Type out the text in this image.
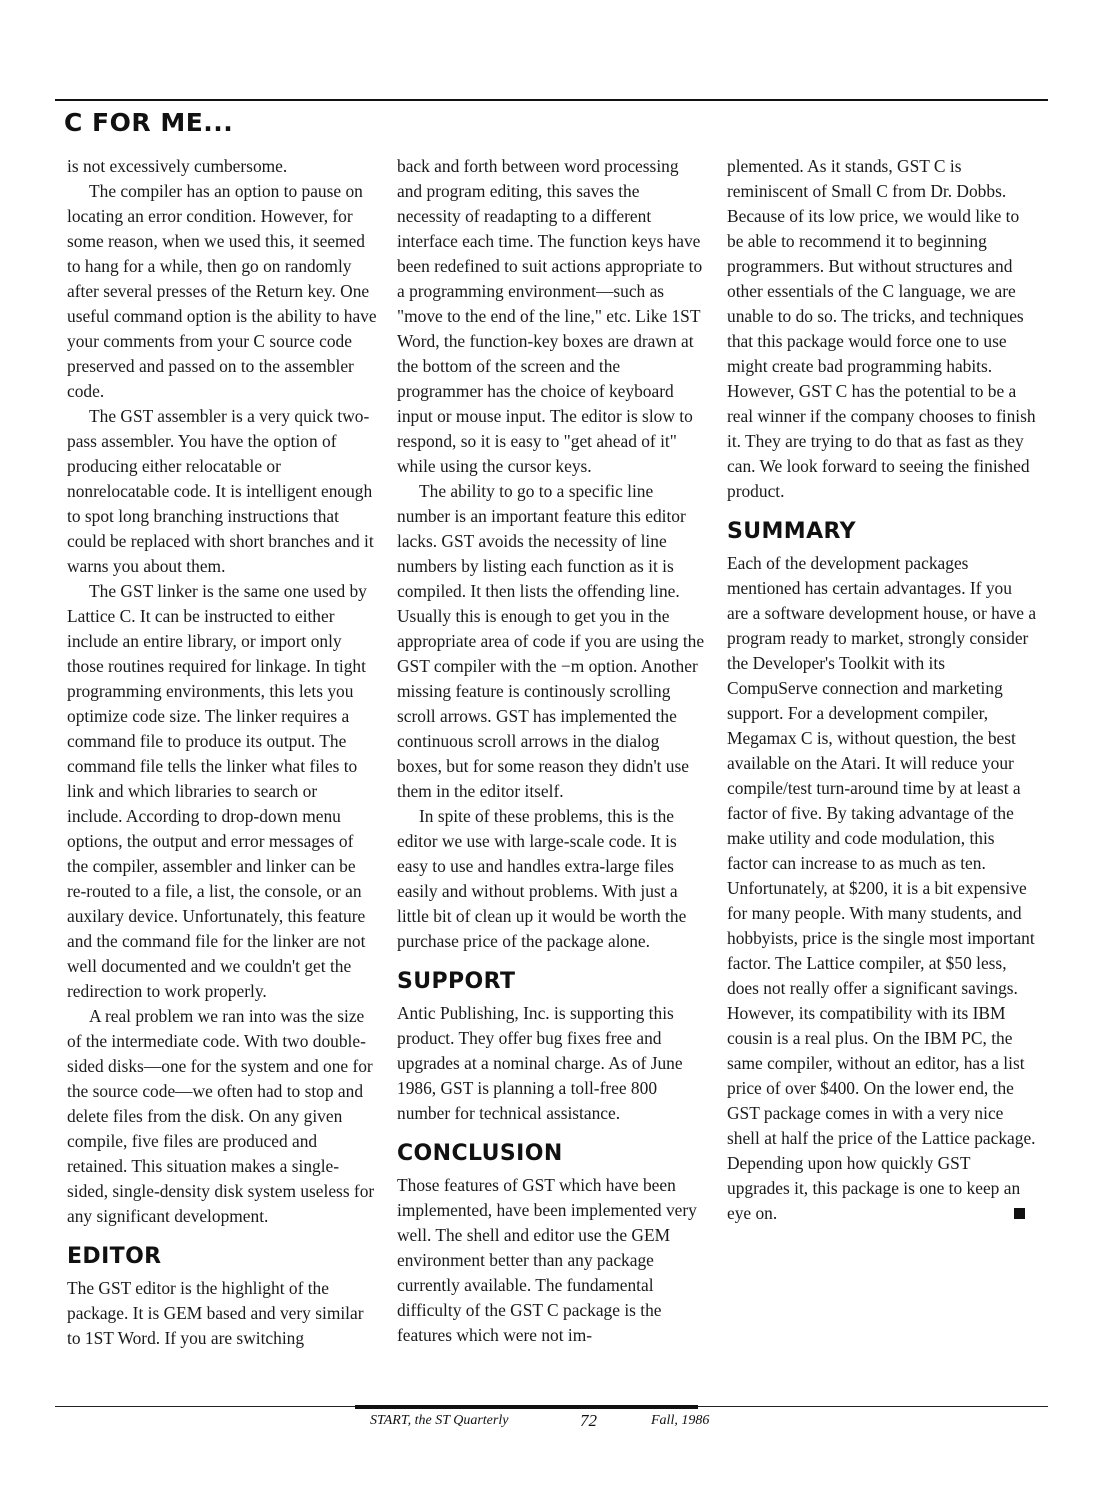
C FOR ME...

is not excessively cumbersome.

The compiler has an option to pause on locating an error condition. However, for some reason, when we used this, it seemed to hang for a while, then go on randomly after several presses of the Return key. One useful command option is the ability to have your comments from your C source code preserved and passed on to the assembler code.

The GST assembler is a very quick two-pass assembler. You have the option of producing either relocatable or nonrelocatable code. It is intelligent enough to spot long branching instructions that could be replaced with short branches and it warns you about them.

The GST linker is the same one used by Lattice C. It can be instructed to either include an entire library, or import only those routines required for linkage. In tight programming environments, this lets you optimize code size. The linker requires a command file to produce its output. The command file tells the linker what files to link and which libraries to search or include. According to drop-down menu options, the output and error messages of the compiler, assembler and linker can be re-routed to a file, a list, the console, or an auxilary device. Unfortunately, this feature and the command file for the linker are not well documented and we couldn't get the redirection to work properly.

A real problem we ran into was the size of the intermediate code. With two double-sided disks—one for the system and one for the source code—we often had to stop and delete files from the disk. On any given compile, five files are produced and retained. This situation makes a single-sided, single-density disk system useless for any significant development.

EDITOR

The GST editor is the highlight of the package. It is GEM based and very similar to 1ST Word. If you are switching

back and forth between word processing and program editing, this saves the necessity of readapting to a different interface each time. The function keys have been redefined to suit actions appropriate to a programming environment—such as "move to the end of the line," etc. Like 1ST Word, the function-key boxes are drawn at the bottom of the screen and the programmer has the choice of keyboard input or mouse input. The editor is slow to respond, so it is easy to "get ahead of it" while using the cursor keys.

The ability to go to a specific line number is an important feature this editor lacks. GST avoids the necessity of line numbers by listing each function as it is compiled. It then lists the offending line. Usually this is enough to get you in the appropriate area of code if you are using the GST compiler with the −m option. Another missing feature is continously scrolling scroll arrows. GST has implemented the continuous scroll arrows in the dialog boxes, but for some reason they didn't use them in the editor itself.

In spite of these problems, this is the editor we use with large-scale code. It is easy to use and handles extra-large files easily and without problems. With just a little bit of clean up it would be worth the purchase price of the package alone.

SUPPORT

Antic Publishing, Inc. is supporting this product. They offer bug fixes free and upgrades at a nominal charge. As of June 1986, GST is planning a toll-free 800 number for technical assistance.

CONCLUSION

Those features of GST which have been implemented, have been implemented very well. The shell and editor use the GEM environment better than any package currently available. The fundamental difficulty of the GST C package is the features which were not im-

plemented. As it stands, GST C is reminiscent of Small C from Dr. Dobbs. Because of its low price, we would like to be able to recommend it to beginning programmers. But without structures and other essentials of the C language, we are unable to do so. The tricks, and techniques that this package would force one to use might create bad programming habits. However, GST C has the potential to be a real winner if the company chooses to finish it. They are trying to do that as fast as they can. We look forward to seeing the finished product.

SUMMARY

Each of the development packages mentioned has certain advantages. If you are a software development house, or have a program ready to market, strongly consider the Developer's Toolkit with its CompuServe connection and marketing support. For a development compiler, Megamax C is, without question, the best available on the Atari. It will reduce your compile/test turn-around time by at least a factor of five. By taking advantage of the make utility and code modulation, this factor can increase to as much as ten. Unfortunately, at $200, it is a bit expensive for many people. With many students, and hobbyists, price is the single most important factor. The Lattice compiler, at $50 less, does not really offer a significant savings. However, its compatibility with its IBM cousin is a real plus. On the IBM PC, the same compiler, without an editor, has a list price of over $400. On the lower end, the GST package comes in with a very nice shell at half the price of the Lattice package. Depending upon how quickly GST upgrades it, this package is one to keep an eye on.

START, the ST Quarterly	72	Fall, 1986
